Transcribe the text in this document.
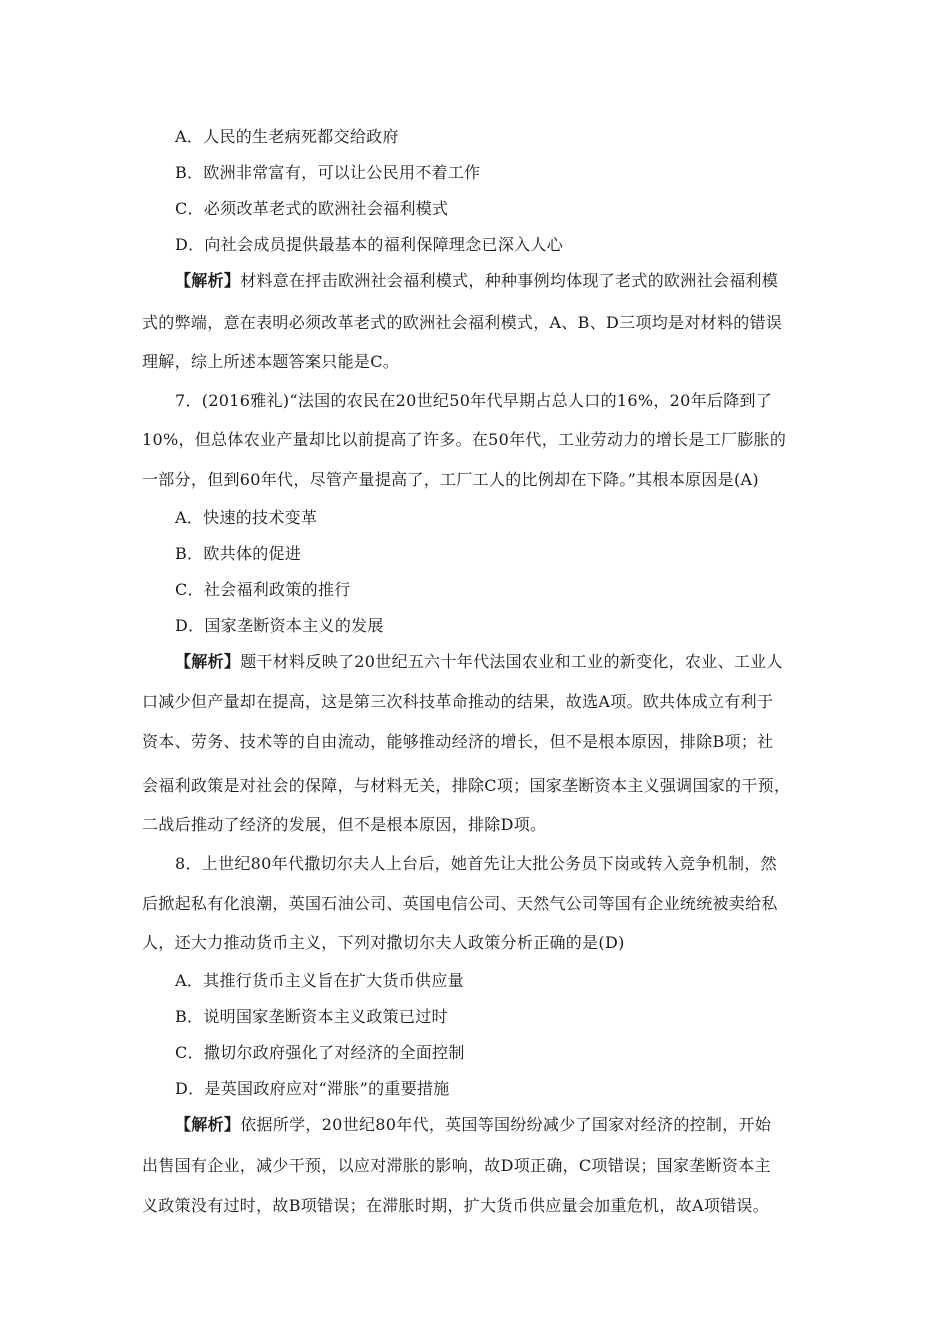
A．人民的生老病死都交给政府
B．欧洲非常富有，可以让公民用不着工作
C．必须改革老式的欧洲社会福利模式
D．向社会成员提供最基本的福利保障理念已深入人心
【解析】材料意在抨击欧洲社会福利模式，种种事例均体现了老式的欧洲社会福利模
式的弊端，意在表明必须改革老式的欧洲社会福利模式，A、B、D三项均是对材料的错误
理解，综上所述本题答案只能是C。
7．(2016雅礼)“法国的农民在20世纪50年代早期占总人口的16%，20年后降到了
10%，但总体农业产量却比以前提高了许多。在50年代，工业劳动力的增长是工厂膨胀的
一部分，但到60年代，尽管产量提高了，工厂工人的比例却在下降。”其根本原因是(A)
A．快速的技术变革
B．欧共体的促进
C．社会福利政策的推行
D．国家垄断资本主义的发展
【解析】题干材料反映了20世纪五六十年代法国农业和工业的新变化，农业、工业人
口减少但产量却在提高，这是第三次科技革命推动的结果，故选A项。欧共体成立有利于
资本、劳务、技术等的自由流动，能够推动经济的增长，但不是根本原因，排除B项；社
会福利政策是对社会的保障，与材料无关，排除C项；国家垄断资本主义强调国家的干预，
二战后推动了经济的发展，但不是根本原因，排除D项。
8．上世纪80年代撒切尔夫人上台后，她首先让大批公务员下岗或转入竞争机制，然
后掀起私有化浪潮，英国石油公司、英国电信公司、天然气公司等国有企业统统被卖给私
人，还大力推动货币主义，下列对撒切尔夫人政策分析正确的是(D)
A．其推行货币主义旨在扩大货币供应量
B．说明国家垄断资本主义政策已过时
C．撒切尔政府强化了对经济的全面控制
D．是英国政府应对“滞胀”的重要措施
【解析】依据所学，20世纪80年代，英国等国纷纷减少了国家对经济的控制，开始
出售国有企业，减少干预，以应对滞胀的影响，故D项正确，C项错误；国家垄断资本主
义政策没有过时，故B项错误；在滞胀时期，扩大货币供应量会加重危机，故A项错误。
